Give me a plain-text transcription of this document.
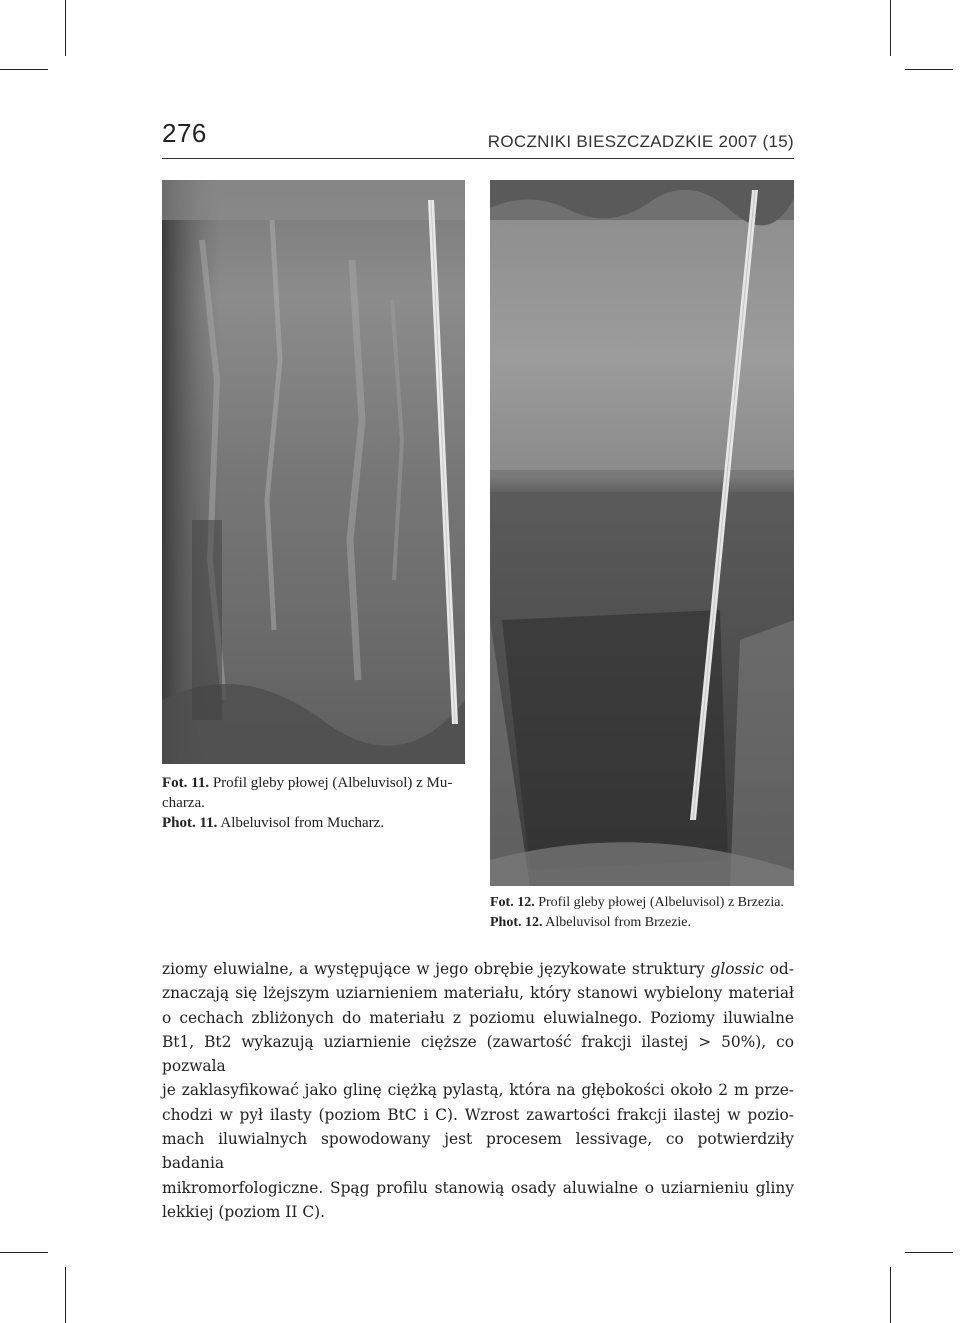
276	ROCZNIKI BIESZCZADZKIE 2007 (15)
Fot. 11. Profil gleby płowej (Albeluvisol) z Mu-
charza.
Phot. 11. Albeluvisol from Mucharz.
Fot. 12. Profil gleby płowej (Albeluvisol) z Brzezia.
Phot. 12. Albeluvisol from Brzezie.
ziomy eluwialne, a występujące w jego obrębie językowate struktury glossic od-
znaczają się lżejszym uziarnieniem materiału, który stanowi wybielony materiał
o cechach zbliżonych do materiału z poziomu eluwialnego. Poziomy iluwialne
Bt1, Bt2 wykazują uziarnienie cięższe (zawartość frakcji ilastej > 50%), co pozwala
je zaklasyfikować jako glinę ciężką pylastą, która na głębokości około 2 m prze-
chodzi w pył ilasty (poziom BtC i C). Wzrost zawartości frakcji ilastej w pozio-
mach iluwialnych spowodowany jest procesem lessivage, co potwierdziły badania
mikromorfologiczne. Spąg profilu stanowią osady aluwialne o uziarnieniu gliny
lekkiej (poziom II C).
